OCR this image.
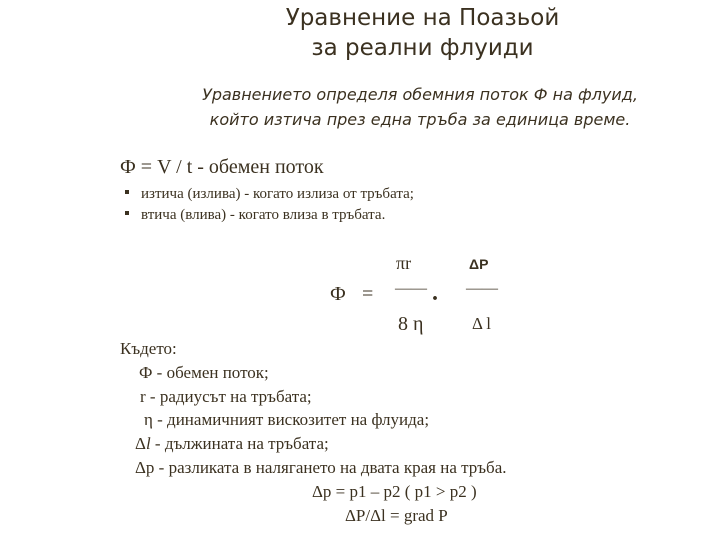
Уравнение на Поазьой
за реални флуиди
Уравнението определя обемния поток Ф на флуид,
който изтича през една тръба за единица време.
Ф = V / t - обемен поток
изтича (излива) - когато излиза от тръбата;
втича (влива) - когато влиза в тръбата.
πr	ΔP
Ф = —— . ——
8 η	Δ l
Където:
Ф - обемен поток;
r - радиусът на тръбата;
η - динамичният вискозитет на флуида;
Δl - дължината на тръбата;
Δp - разликата в налягането на двата края на тръба.
Δp = p1 – p2 ( p1 > p2 )
ΔP/Δl = grad P
